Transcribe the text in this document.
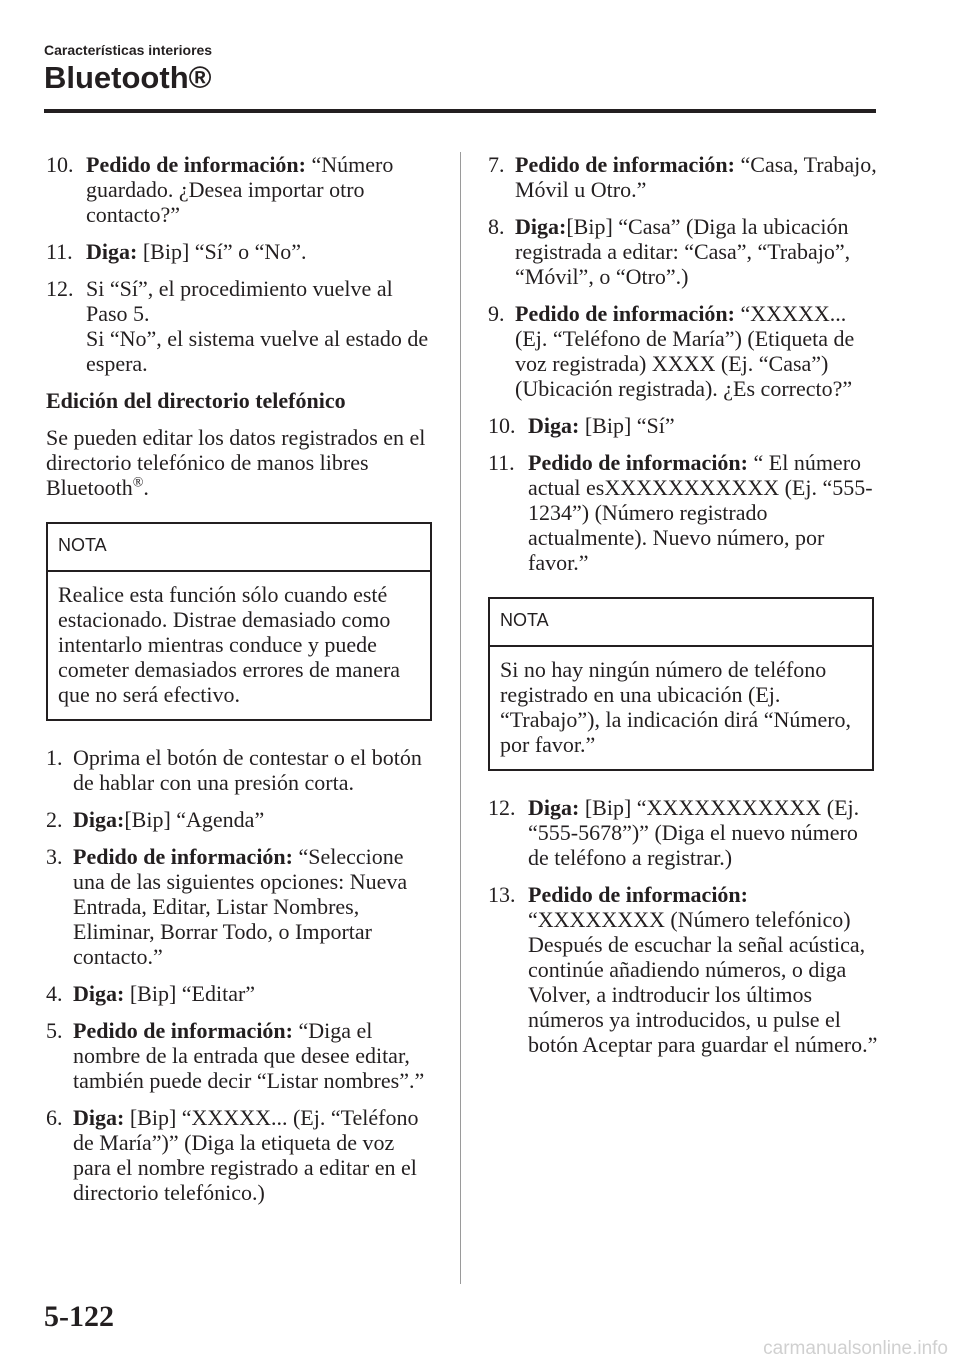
Características interiores
Bluetooth®
10. Pedido de información: “Número guardado. ¿Desea importar otro contacto?”
11. Diga: [Bip] “Sí” o “No”.
12. Si “Sí”, el procedimiento vuelve al Paso 5.
Si “No”, el sistema vuelve al estado de espera.
Edición del directorio telefónico
Se pueden editar los datos registrados en el directorio telefónico de manos libres Bluetooth®.
NOTA
Realice esta función sólo cuando esté estacionado. Distrae demasiado como intentarlo mientras conduce y puede cometer demasiados errores de manera que no será efectivo.
1. Oprima el botón de contestar o el botón de hablar con una presión corta.
2. Diga:[Bip] “Agenda”
3. Pedido de información: “Seleccione una de las siguientes opciones: Nueva Entrada, Editar, Listar Nombres, Eliminar, Borrar Todo, o Importar contacto.”
4. Diga: [Bip] “Editar”
5. Pedido de información: “Diga el nombre de la entrada que desee editar, también puede decir “Listar nombres”.”
6. Diga: [Bip] “XXXXX... (Ej. “Teléfono de María”)” (Diga la etiqueta de voz para el nombre registrado a editar en el directorio telefónico.)
7. Pedido de información: “Casa, Trabajo, Móvil u Otro.”
8. Diga:[Bip] “Casa” (Diga la ubicación registrada a editar: “Casa”, “Trabajo”, “Móvil”, o “Otro”.)
9. Pedido de información: “XXXXX... (Ej. “Teléfono de María”) (Etiqueta de voz registrada) XXXX (Ej. “Casa”) (Ubicación registrada). ¿Es correcto?”
10. Diga: [Bip] “Sí”
11. Pedido de información: “ El número actual esXXXXXXXXXXX (Ej. “555-1234”) (Número registrado actualmente). Nuevo número, por favor.”
NOTA
Si no hay ningún número de teléfono registrado en una ubicación (Ej. “Trabajo”), la indicación dirá “Número, por favor.”
12. Diga: [Bip] “XXXXXXXXXXX (Ej. “555-5678”)” (Diga el nuevo número de teléfono a registrar.)
13. Pedido de información:
“XXXXXXXX (Número telefónico) Después de escuchar la señal acústica, continúe añadiendo números, o diga Volver, a indtroducir los últimos números ya introducidos, u pulse el botón Aceptar para guardar el número.”
5-122
carmanualsonline.info
